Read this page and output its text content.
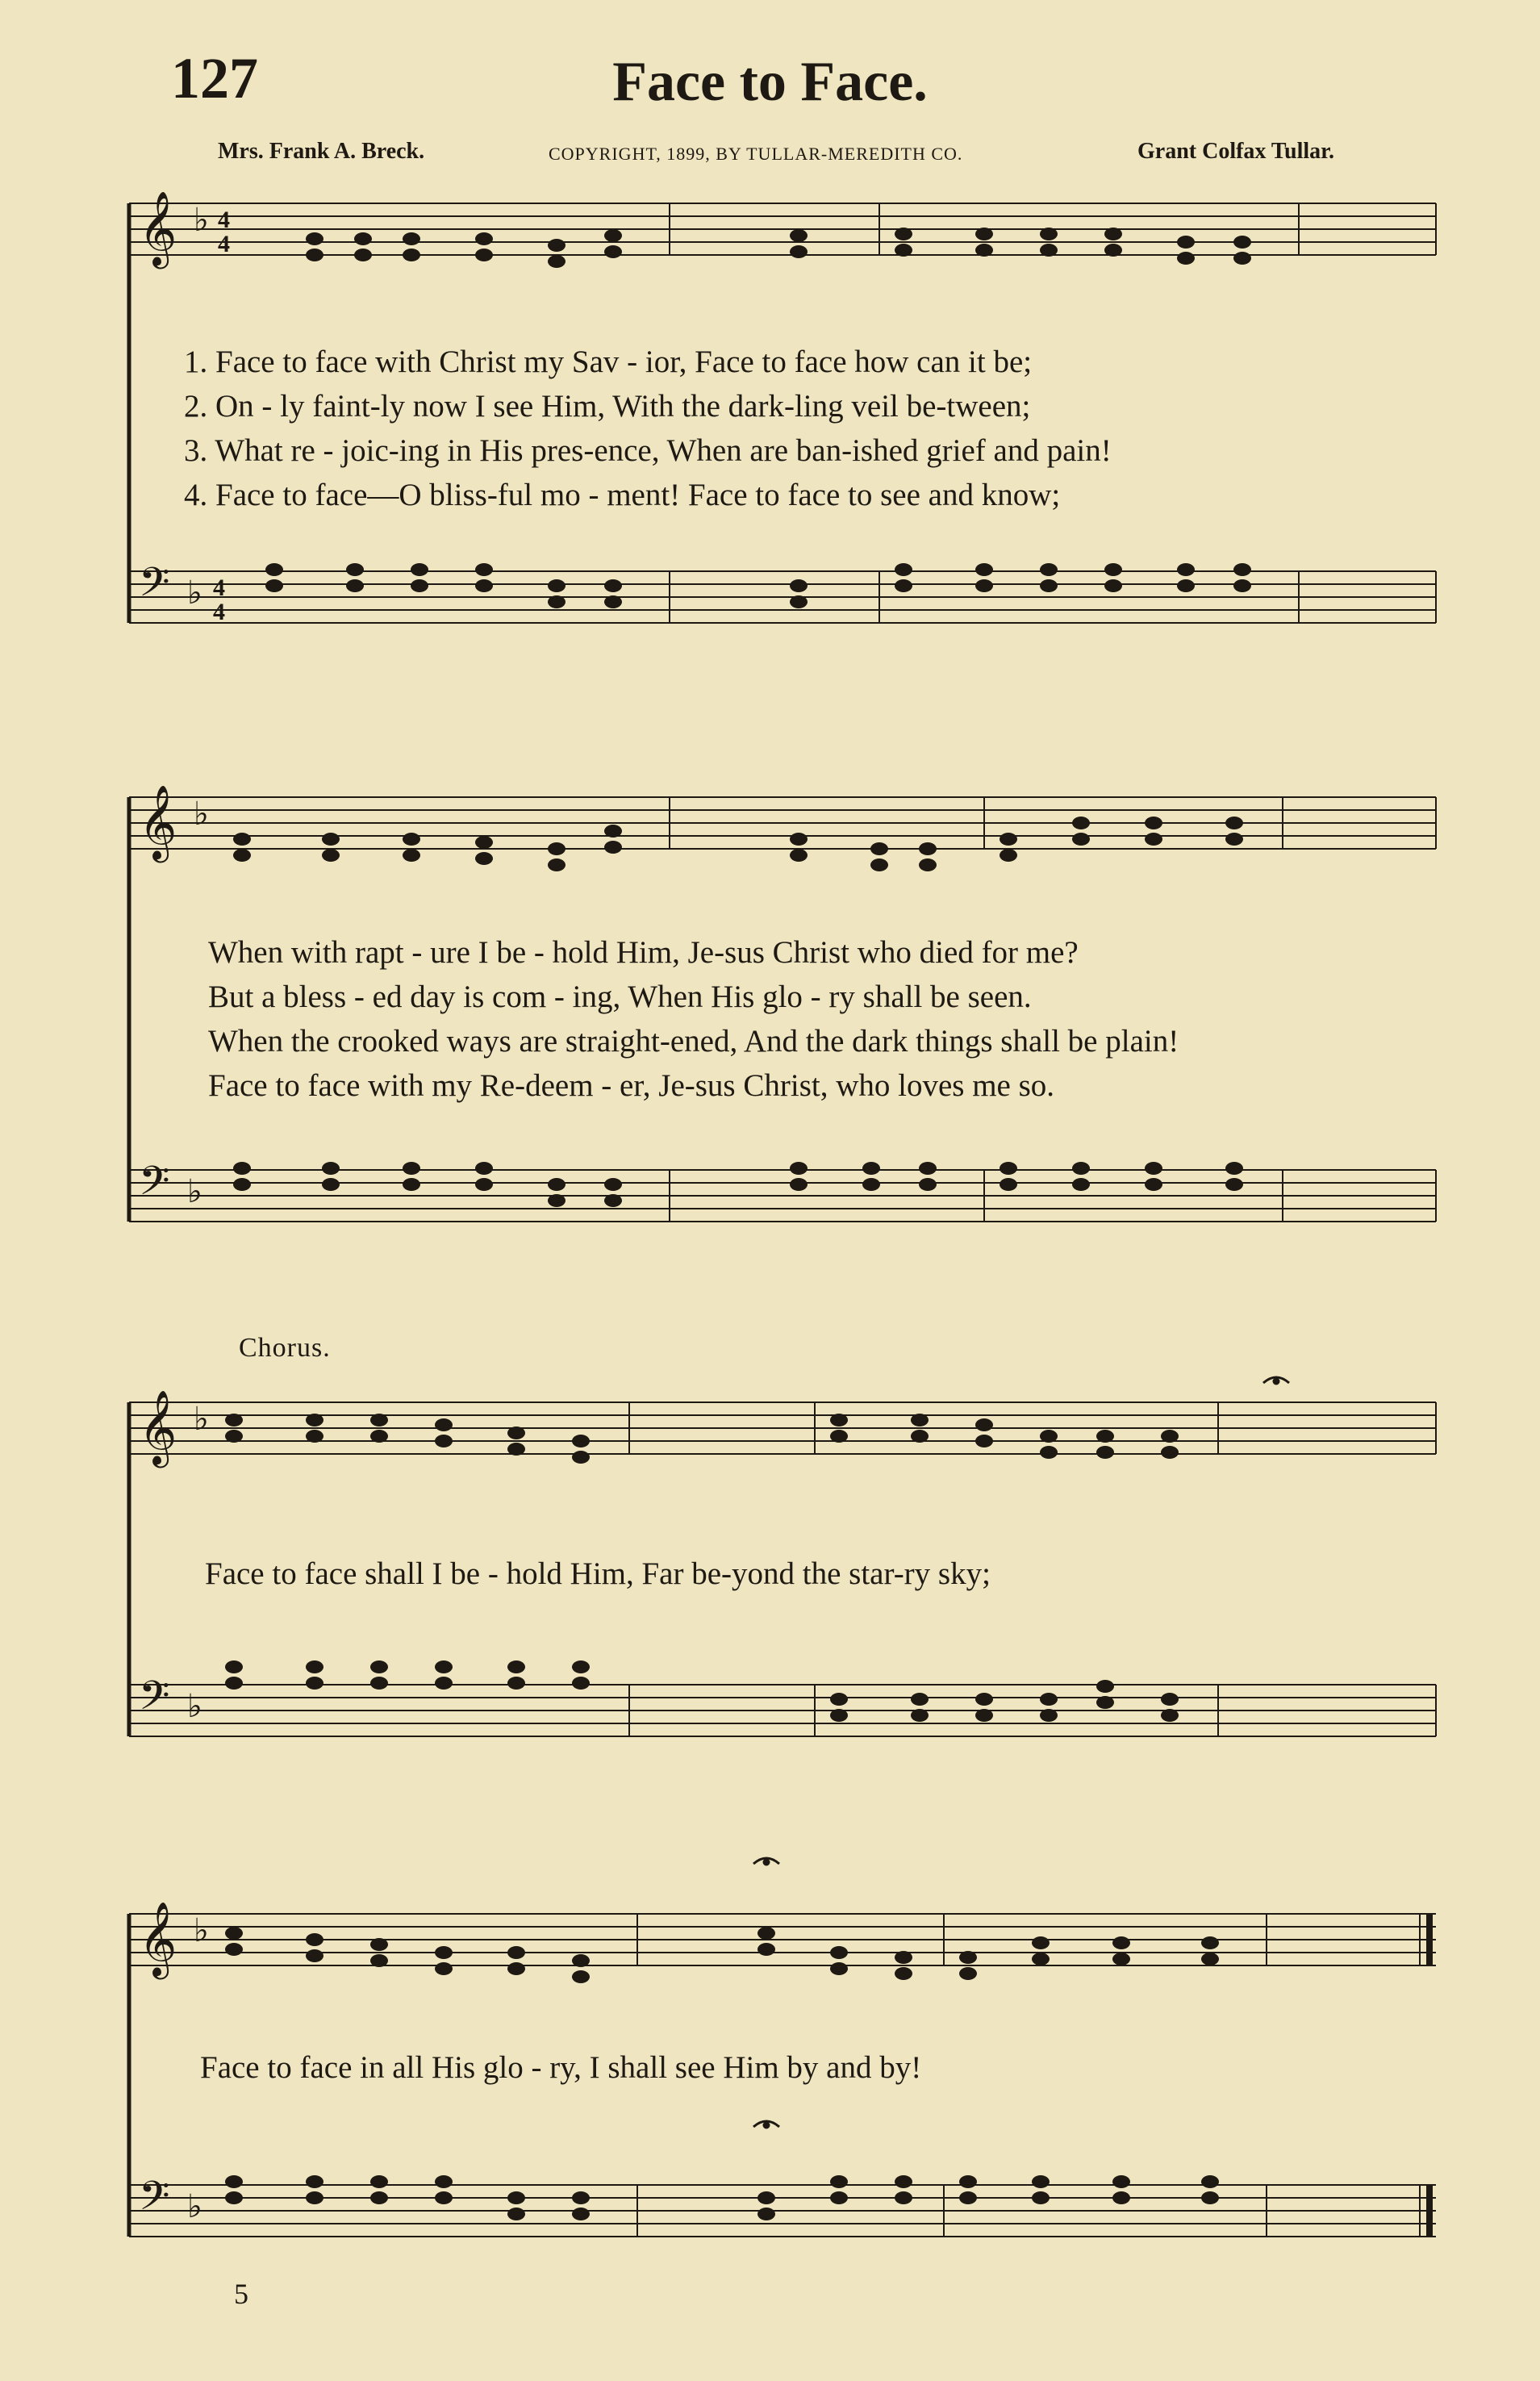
127	Face to Face.
Mrs. Frank A. Breck.	COPYRIGHT, 1899, BY TULLAR-MEREDITH CO.	Grant Colfax Tullar.
𝄞 ♭ 4
4
𝄢 ♭ 4
4
𝄞 ♭
𝄢 ♭
𝄞 ♭
𝄢 ♭
𝄞 ♭
𝄢 ♭
1. Face to face with Christ my Sav - ior, Face to face how can it be;
2. On - ly faint-ly now I see Him, With the dark-ling veil be-tween;
3. What re - joic-ing in His pres-ence, When are ban-ished grief and pain!
4. Face to face—O bliss-ful mo - ment! Face to face to see and know;
When with rapt - ure I be - hold Him, Je-sus Christ who died for me?
But a bless - ed day is com - ing, When His glo - ry shall be seen.
When the crooked ways are straight-ened, And the dark things shall be plain!
Face to face with my Re-deem - er, Je-sus Christ, who loves me so.
Chorus.
Face to face shall I be - hold Him, Far be-yond the star-ry sky;
Face to face in all His glo - ry, I shall see Him by and by!
5
